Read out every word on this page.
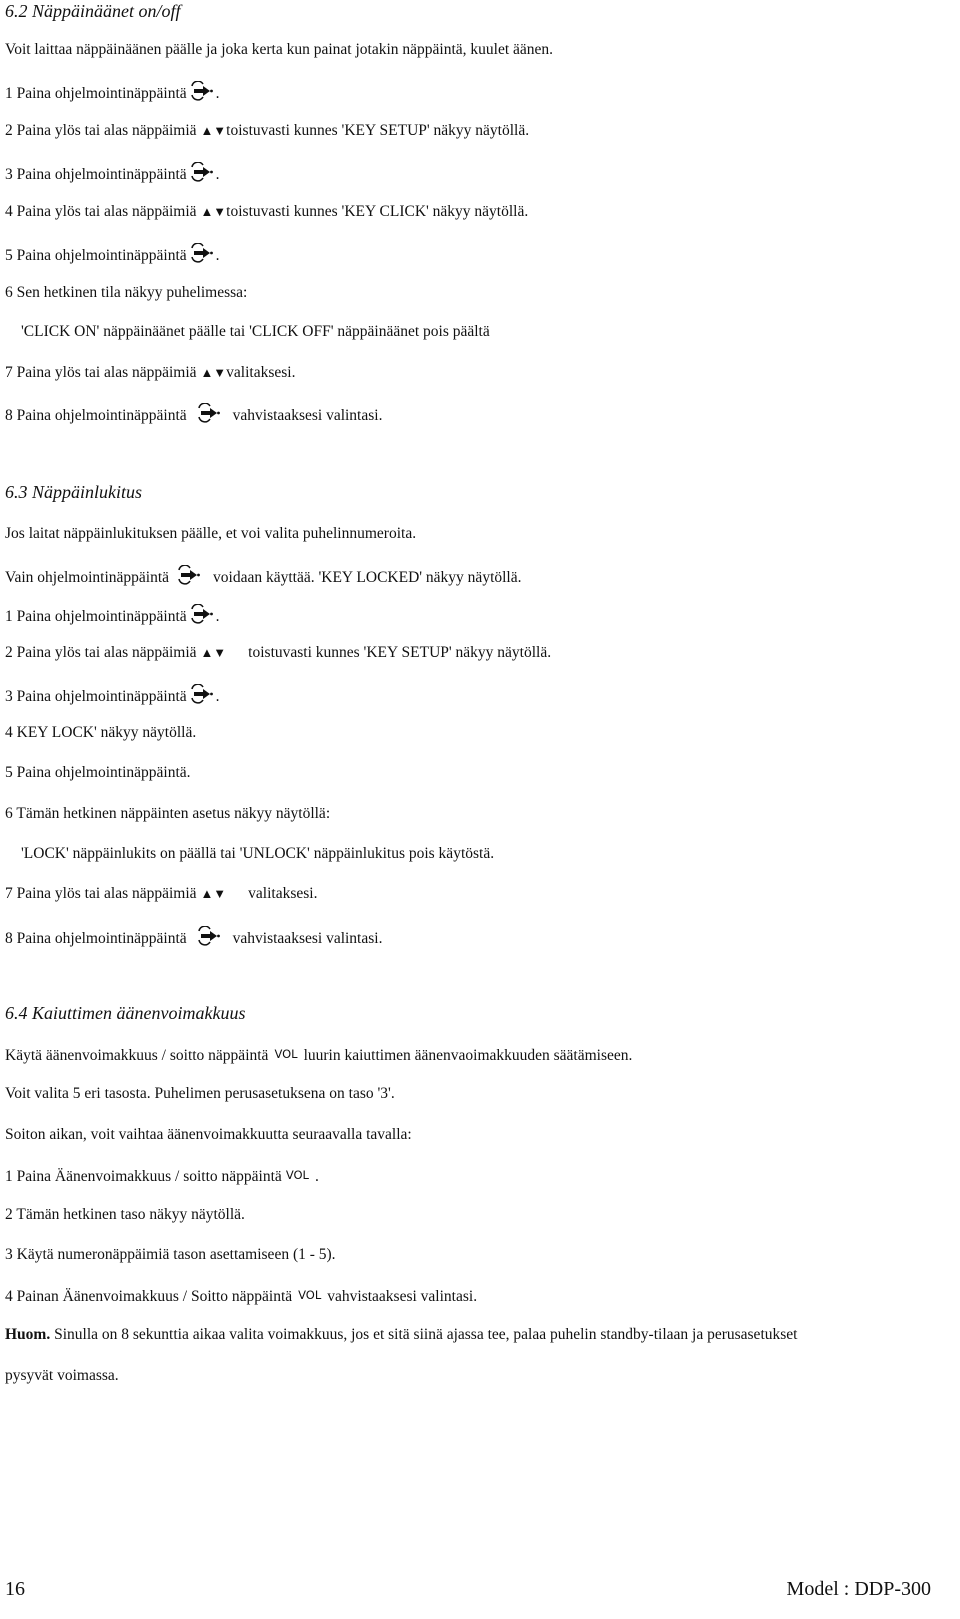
6.2 Näppäinäänet on/off
Voit laittaa näppäinäänen päälle ja joka kerta kun painat jotakin näppäintä, kuulet äänen.
1 Paina ohjelmointinäppäintä .
2 Paina ylös tai alas näppäimiä ▲▼toistuvasti kunnes 'KEY SETUP' näkyy näytöllä.
3 Paina ohjelmointinäppäintä .
4 Paina ylös tai alas näppäimiä ▲▼toistuvasti kunnes 'KEY CLICK' näkyy näytöllä.
5 Paina ohjelmointinäppäintä .
6 Sen hetkinen tila näkyy puhelimessa:
'CLICK ON' näppäinäänet päälle tai 'CLICK OFF' näppäinäänet pois päältä
7 Paina ylös tai alas näppäimiä ▲▼valitaksesi.
8 Paina ohjelmointinäppäintä	vahvistaaksesi valintasi.
6.3 Näppäinlukitus
Jos laitat näppäinlukituksen päälle, et voi valita puhelinnumeroita.
Vain ohjelmointinäppäintä	voidaan käyttää. 'KEY LOCKED' näkyy näytöllä.
1 Paina ohjelmointinäppäintä .
2 Paina ylös tai alas näppäimiä ▲▼ toistuvasti kunnes 'KEY SETUP' näkyy näytöllä.
3 Paina ohjelmointinäppäintä .
4 KEY LOCK' näkyy näytöllä.
5 Paina ohjelmointinäppäintä.
6 Tämän hetkinen näppäinten asetus näkyy näytöllä:
'LOCK' näppäinlukits on päällä tai 'UNLOCK' näppäinlukitus pois käytöstä.
7 Paina ylös tai alas näppäimiä ▲▼ valitaksesi.
8 Paina ohjelmointinäppäintä	vahvistaaksesi valintasi.
6.4 Kaiuttimen äänenvoimakkuus
Käytä äänenvoimakkuus / soitto näppäintä VOL luurin kaiuttimen äänenvaoimakkuuden säätämiseen.
Voit valita 5 eri tasosta. Puhelimen perusasetuksena on taso '3'.
Soiton aikan, voit vaihtaa äänenvoimakkuutta seuraavalla tavalla:
1 Paina Äänenvoimakkuus / soitto näppäintä VOL .
2 Tämän hetkinen taso näkyy näytöllä.
3 Käytä numeronäppäimiä tason asettamiseen (1 - 5).
4 Painan Äänenvoimakkuus / Soitto näppäintä VOL vahvistaaksesi valintasi.
Huom. Sinulla on 8 sekunttia aikaa valita voimakkuus, jos et sitä siinä ajassa tee, palaa puhelin standby-tilaan ja perusasetukset
pysyvät voimassa.
16	Model : DDP-300
